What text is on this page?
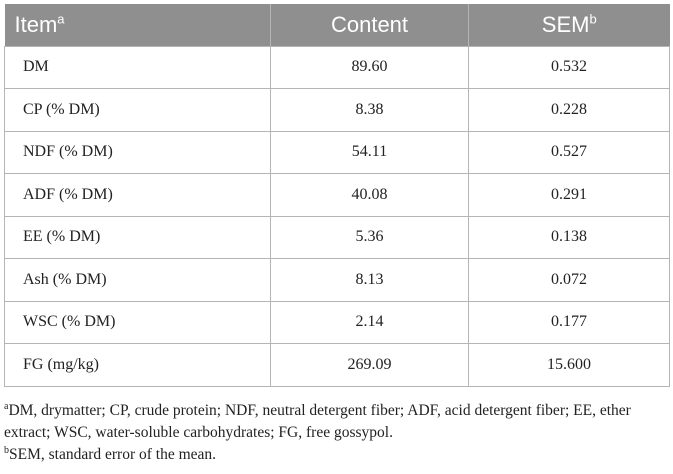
Item$^a$	Content	SEM$^b$
DM	89.60	0.532
CP (% DM)	8.38	0.228
NDF (% DM)	54.11	0.527
ADF (% DM)	40.08	0.291
EE (% DM)	5.36	0.138
Ash (% DM)	8.13	0.072
WSC (% DM)	2.14	0.177
FG (mg/kg)	269.09	15.600

$^a$DM, drymatter; CP, crude protein; NDF, neutral detergent fiber; ADF, acid detergent fiber; EE, ether extract; WSC, water-soluble carbohydrates; FG, free gossypol.

$^b$SEM, standard error of the mean.
